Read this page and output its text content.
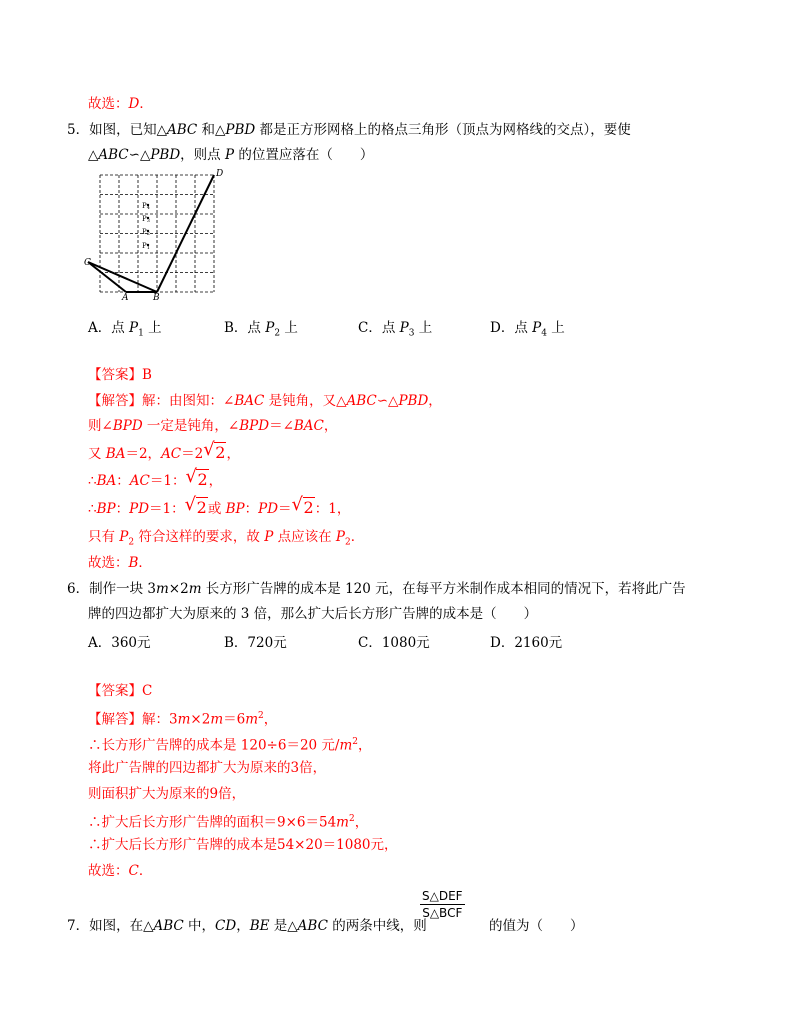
故选：D．
5．如图，已知△ABC 和△PBD 都是正方形网格上的格点三角形（顶点为网格线的交点），要使
△ABC∽△PBD，则点 P 的位置应落在（　　）
C
A	B
D
P4
P3
P2
P1
A．点 $P_1$ 上	B．点 $P_2$ 上	C．点 $P_3$ 上	D．点 $P_4$ 上
【答案】B
【解答】解：由图知：∠BAC 是钝角，又△ABC∽△PBD，
则∠BPD 一定是钝角，∠BPD＝∠BAC，
又 BA＝2，AC＝2 √ 2，
∴BA：AC＝1： √ 2，
∴BP：PD＝1： √ 2或 BP：PD＝ √ 2：1，
只有 $P_2$ 符合这样的要求，故 P 点应该在 $P_2$．
故选：B．
6．制作一块 3m×2m 长方形广告牌的成本是 120 元，在每平方米制作成本相同的情况下，若将此广告
牌的四边都扩大为原来的 3 倍，那么扩大后长方形广告牌的成本是（　　）
A．360元	B．720元	C．1080元	D．2160元
【答案】C
【解答】解：$3m\times 2m=6m^2$，
∴长方形广告牌的成本是 120÷6＝20 元$/m^2$，
将此广告牌的四边都扩大为原来的3倍，
则面积扩大为原来的9倍，
∴扩大后长方形广告牌的面积$=9\times 6=54m^2$，
∴扩大后长方形广告牌的成本是54×20＝1080元，
故选：C．
7．如图，在△ABC 中，CD，BE 是△ABC 的两条中线，则
S△DEF
S△BCF
的值为（　　）
